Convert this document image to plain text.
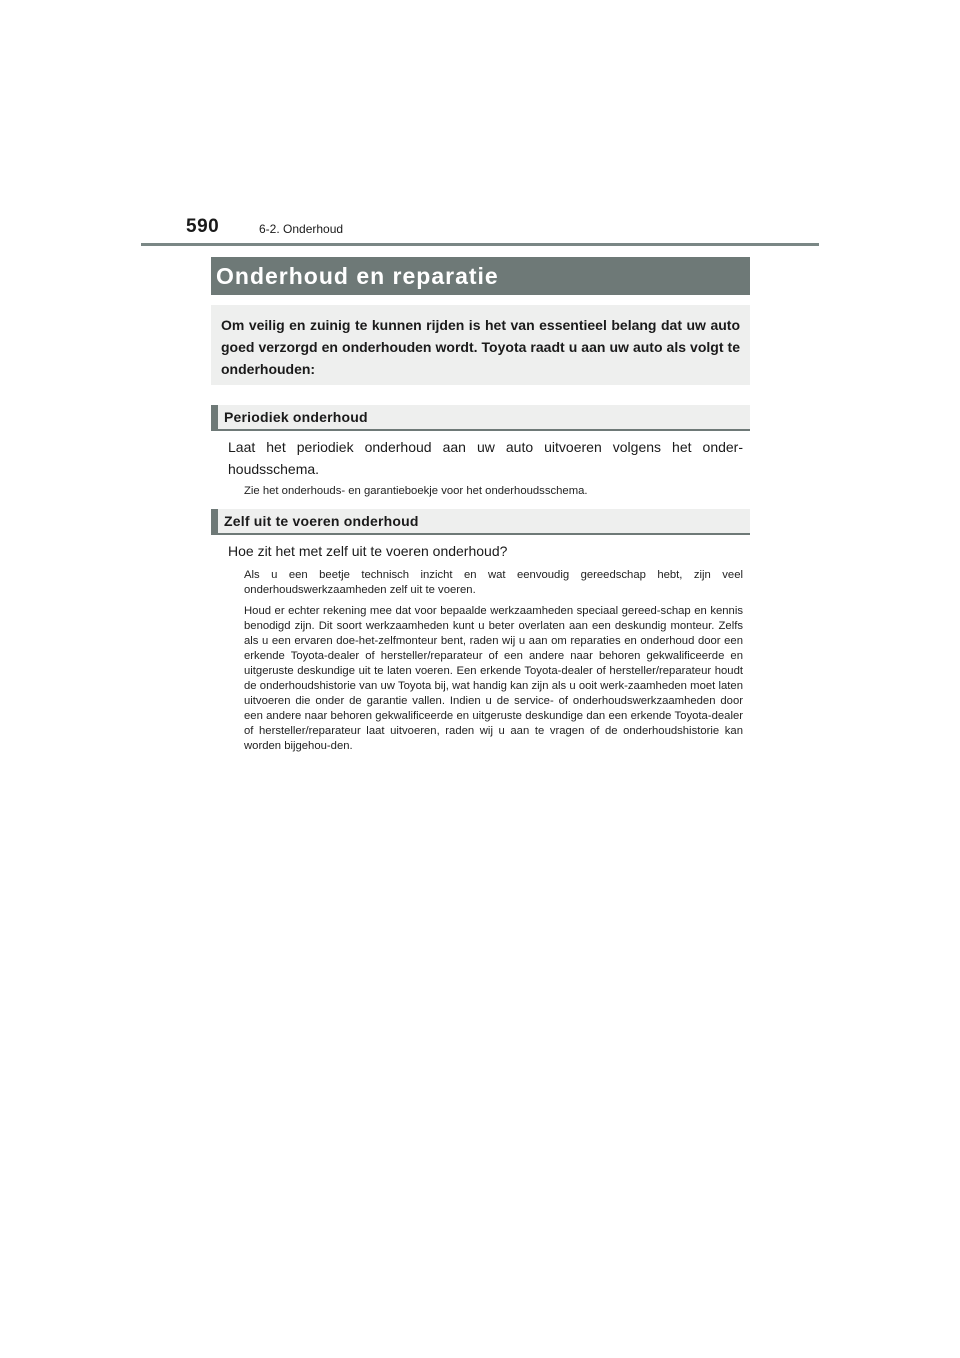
590	6-2. Onderhoud
Onderhoud en reparatie
Om veilig en zuinig te kunnen rijden is het van essentieel belang dat uw auto goed verzorgd en onderhouden wordt. Toyota raadt u aan uw auto als volgt te onderhouden:
Periodiek onderhoud
Laat het periodiek onderhoud aan uw auto uitvoeren volgens het onder-houdsschema.
Zie het onderhouds- en garantieboekje voor het onderhoudsschema.
Zelf uit te voeren onderhoud
Hoe zit het met zelf uit te voeren onderhoud?
Als u een beetje technisch inzicht en wat eenvoudig gereedschap hebt, zijn veel onderhoudswerkzaamheden zelf uit te voeren.
Houd er echter rekening mee dat voor bepaalde werkzaamheden speciaal gereed-schap en kennis benodigd zijn. Dit soort werkzaamheden kunt u beter overlaten aan een deskundig monteur. Zelfs als u een ervaren doe-het-zelfmonteur bent, raden wij u aan om reparaties en onderhoud door een erkende Toyota-dealer of hersteller/reparateur of een andere naar behoren gekwalificeerde en uitgeruste deskundige uit te laten voeren. Een erkende Toyota-dealer of hersteller/reparateur houdt de onderhoudshistorie van uw Toyota bij, wat handig kan zijn als u ooit werk-zaamheden moet laten uitvoeren die onder de garantie vallen. Indien u de service- of onderhoudswerkzaamheden door een andere naar behoren gekwalificeerde en uitgeruste deskundige dan een erkende Toyota-dealer of hersteller/reparateur laat uitvoeren, raden wij u aan te vragen of de onderhoudshistorie kan worden bijgehou-den.
